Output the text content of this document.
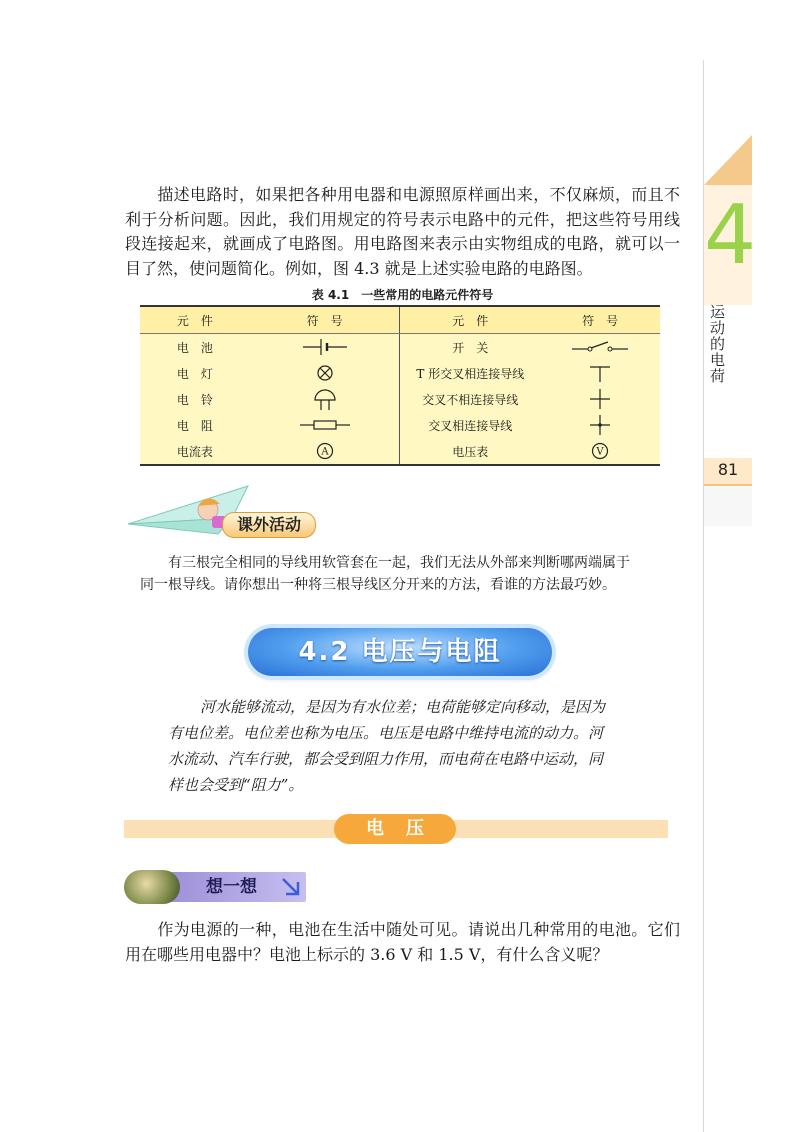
4
运动的电荷
81
描述电路时，如果把各种用电器和电源照原样画出来，不仅麻烦，而且不利于分析问题。因此，我们用规定的符号表示电路中的元件，把这些符号用线段连接起来，就画成了电路图。用电路图来表示由实物组成的电路，就可以一目了然，使问题简化。例如，图 4.3 就是上述实验电路的电路图。
表 4.1　一些常用的电路元件符号
元　件	符　号	元　件	符　号
电　池		开　关	
电　灯		T 形交叉相连接导线	
电　铃		交叉不相连接导线	
电　阻		交叉相连接导线	
电流表	A	电压表	V
课外活动
有三根完全相同的导线用软管套在一起，我们无法从外部来判断哪两端属于
同一根导线。请你想出一种将三根导线区分开来的方法，看谁的方法最巧妙。
4.2 电压与电阻
河水能够流动，是因为有水位差；电荷能够定向移动，是因为
有电位差。电位差也称为电压。电压是电路中维持电流的动力。河
水流动、汽车行驶，都会受到阻力作用，而电荷在电路中运动，同
样也会受到“阻力”。
电压
想一想
作为电源的一种，电池在生活中随处可见。请说出几种常用的电池。它们用在哪些用电器中？电池上标示的 3.6 V 和 1.5 V，有什么含义呢？
